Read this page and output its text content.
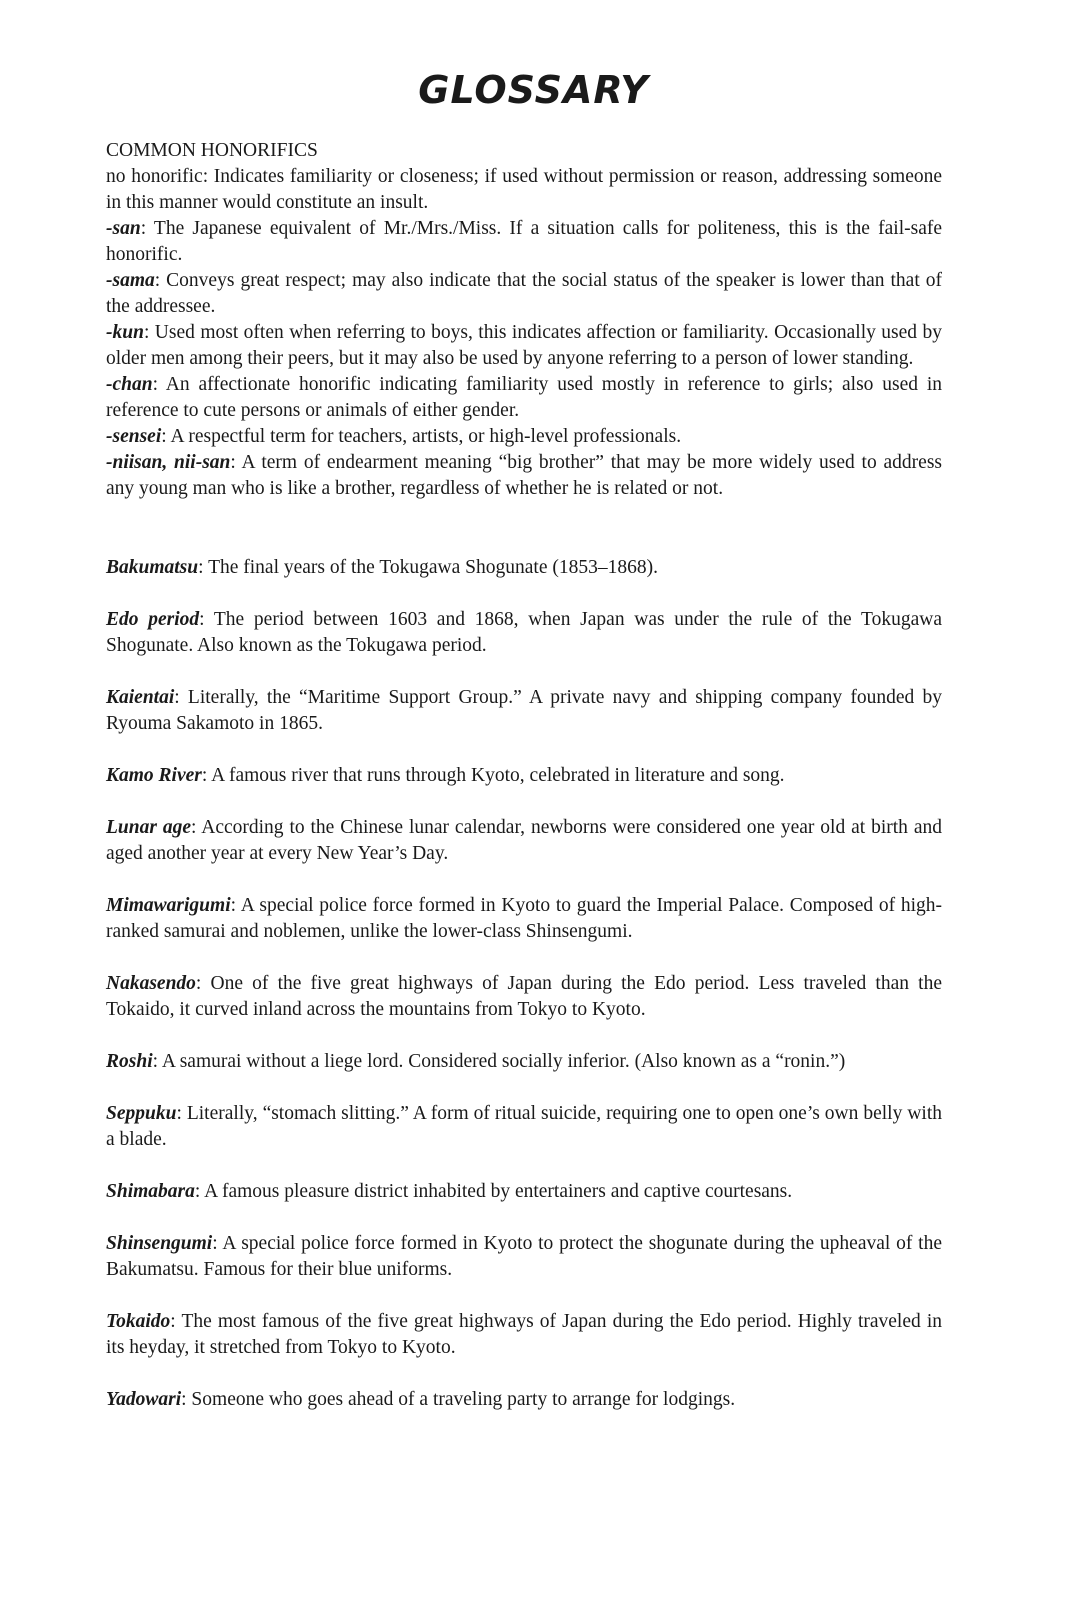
GLOSSARY

COMMON HONORIFICS

no honorific: Indicates familiarity or closeness; if used without permission or reason, addressing someone in this manner would constitute an insult.

-san: The Japanese equivalent of Mr./Mrs./Miss. If a situation calls for politeness, this is the fail-safe honorific.

-sama: Conveys great respect; may also indicate that the social status of the speaker is lower than that of the addressee.

-kun: Used most often when referring to boys, this indicates affection or familiarity. Occasionally used by older men among their peers, but it may also be used by anyone referring to a person of lower standing.

-chan: An affectionate honorific indicating familiarity used mostly in reference to girls; also used in reference to cute persons or animals of either gender.

-sensei: A respectful term for teachers, artists, or high-level professionals.

-niisan, nii-san: A term of endearment meaning “big brother” that may be more widely used to address any young man who is like a brother, regardless of whether he is related or not.

Bakumatsu: The final years of the Tokugawa Shogunate (1853–1868).

Edo period: The period between 1603 and 1868, when Japan was under the rule of the Tokugawa Shogunate. Also known as the Tokugawa period.

Kaientai: Literally, the “Maritime Support Group.” A private navy and shipping company founded by Ryouma Sakamoto in 1865.

Kamo River: A famous river that runs through Kyoto, celebrated in literature and song.

Lunar age: According to the Chinese lunar calendar, newborns were considered one year old at birth and aged another year at every New Year’s Day.

Mimawarigumi: A special police force formed in Kyoto to guard the Imperial Palace. Composed of high-ranked samurai and noblemen, unlike the lower-class Shinsengumi.

Nakasendo: One of the five great highways of Japan during the Edo period. Less traveled than the Tokaido, it curved inland across the mountains from Tokyo to Kyoto.

Roshi: A samurai without a liege lord. Considered socially inferior. (Also known as a “ronin.”)

Seppuku: Literally, “stomach slitting.” A form of ritual suicide, requiring one to open one’s own belly with a blade.

Shimabara: A famous pleasure district inhabited by entertainers and captive courtesans.

Shinsengumi: A special police force formed in Kyoto to protect the shogunate during the upheaval of the Bakumatsu. Famous for their blue uniforms.

Tokaido: The most famous of the five great highways of Japan during the Edo period. Highly traveled in its heyday, it stretched from Tokyo to Kyoto.

Yadowari: Someone who goes ahead of a traveling party to arrange for lodgings.
